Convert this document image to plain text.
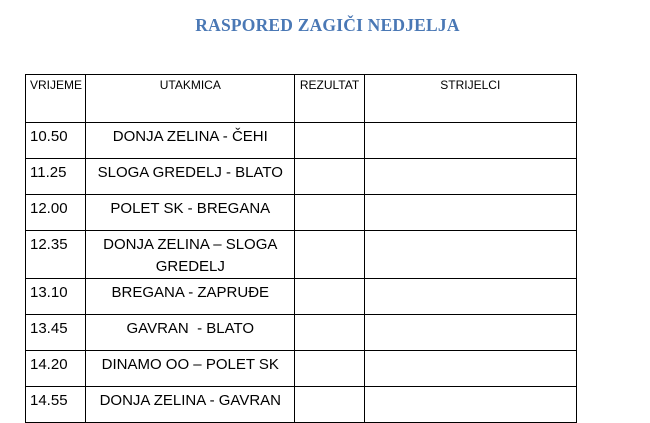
RASPORED ZAGIČI NEDJELJA
VRIJEME	UTAKMICA	REZULTAT	STRIJELCI
10.50	DONJA ZELINA - ČEHI		
11.25	SLOGA GREDELJ - BLATO		
12.00	POLET SK - BREGANA		
12.35	DONJA ZELINA – SLOGA GREDELJ		
13.10	BREGANA - ZAPRUĐE		
13.45	GAVRAN  - BLATO		
14.20	DINAMO OO – POLET SK		
14.55	DONJA ZELINA - GAVRAN		
